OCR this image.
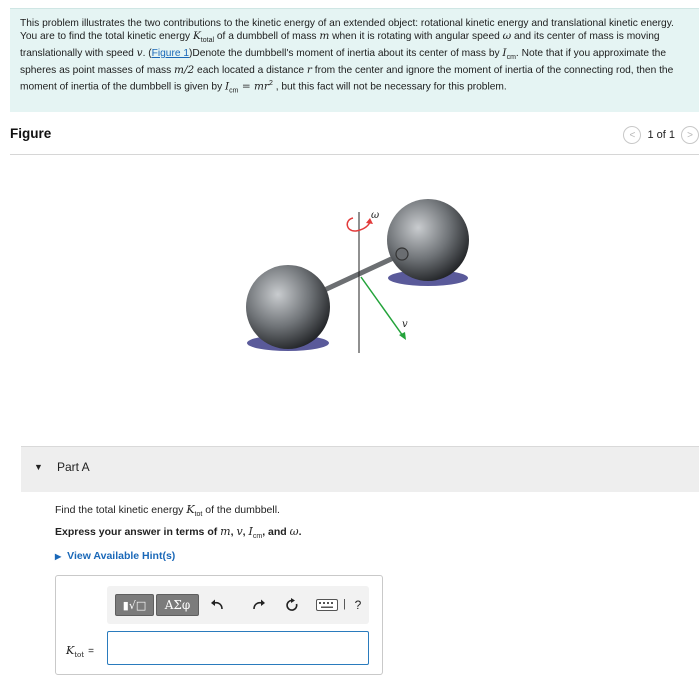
This problem illustrates the two contributions to the kinetic energy of an extended object: rotational kinetic energy and translational kinetic energy. You are to find the total kinetic energy $K_{total}$ of a dumbbell of mass m when it is rotating with angular speed ω and its center of mass is moving translationally with speed v. (Figure 1)Denote the dumbbell's moment of inertia about its center of mass by $I_{cm}$. Note that if you approximate the spheres as point masses of mass m/2 each located a distance r from the center and ignore the moment of inertia of the connecting rod, then the moment of inertia of the dumbbell is given by $I_{cm} = mr^2$ , but this fact will not be necessary for this problem.
Figure	< 1 of 1 >
ω
v
▼ Part A
Find the total kinetic energy $K_{tot}$ of the dumbbell.
Express your answer in terms of m, v, $I_{cm}$, and ω.
▶ View Available Hint(s)
▮√□ ΑΣφ	| ?
$K_{tot}$ =
